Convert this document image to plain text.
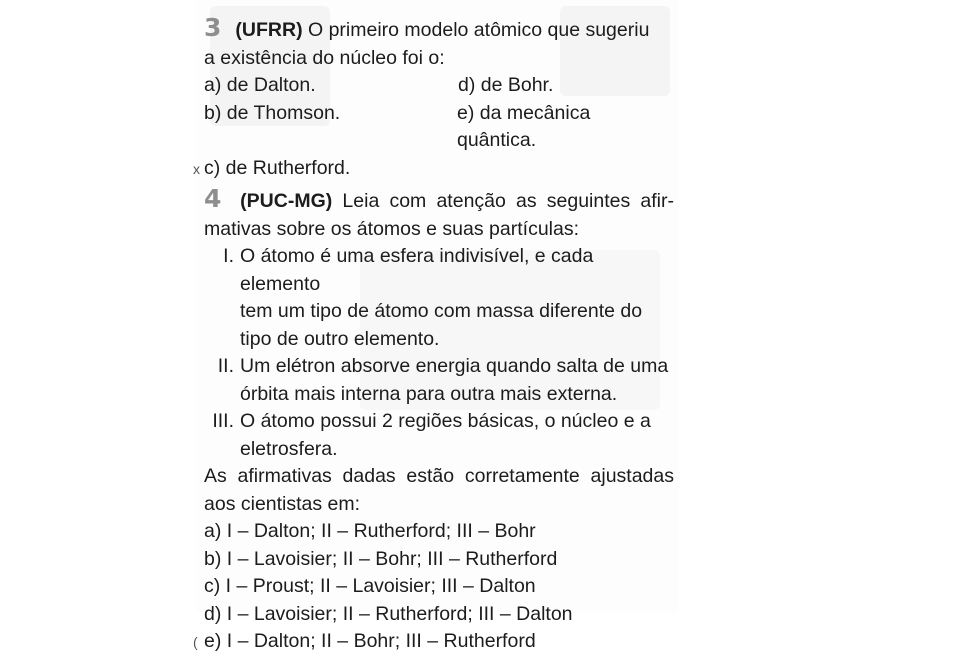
3 (UFRR) O primeiro modelo atômico que sugeriu
a existência do núcleo foi o:
a) de Dalton.	d) de Bohr.
b) de Thomson.	e) da mecânica quântica.
x c) de Rutherford.
4 (PUC-MG) Leia com atenção as seguintes afir-
mativas sobre os átomos e suas partículas:
I. O átomo é uma esfera indivisível, e cada elemento
tem um tipo de átomo com massa diferente do
tipo de outro elemento.
II. Um elétron absorve energia quando salta de uma
órbita mais interna para outra mais externa.
III. O átomo possui 2 regiões básicas, o núcleo e a
eletrosfera.
As afirmativas dadas estão corretamente ajustadas
aos cientistas em:
a) I – Dalton; II – Rutherford; III – Bohr
b) I – Lavoisier; II – Bohr; III – Rutherford
c) I – Proust; II – Lavoisier; III – Dalton
d) I – Lavoisier; II – Rutherford; III – Dalton
( e) I – Dalton; II – Bohr; III – Rutherford
